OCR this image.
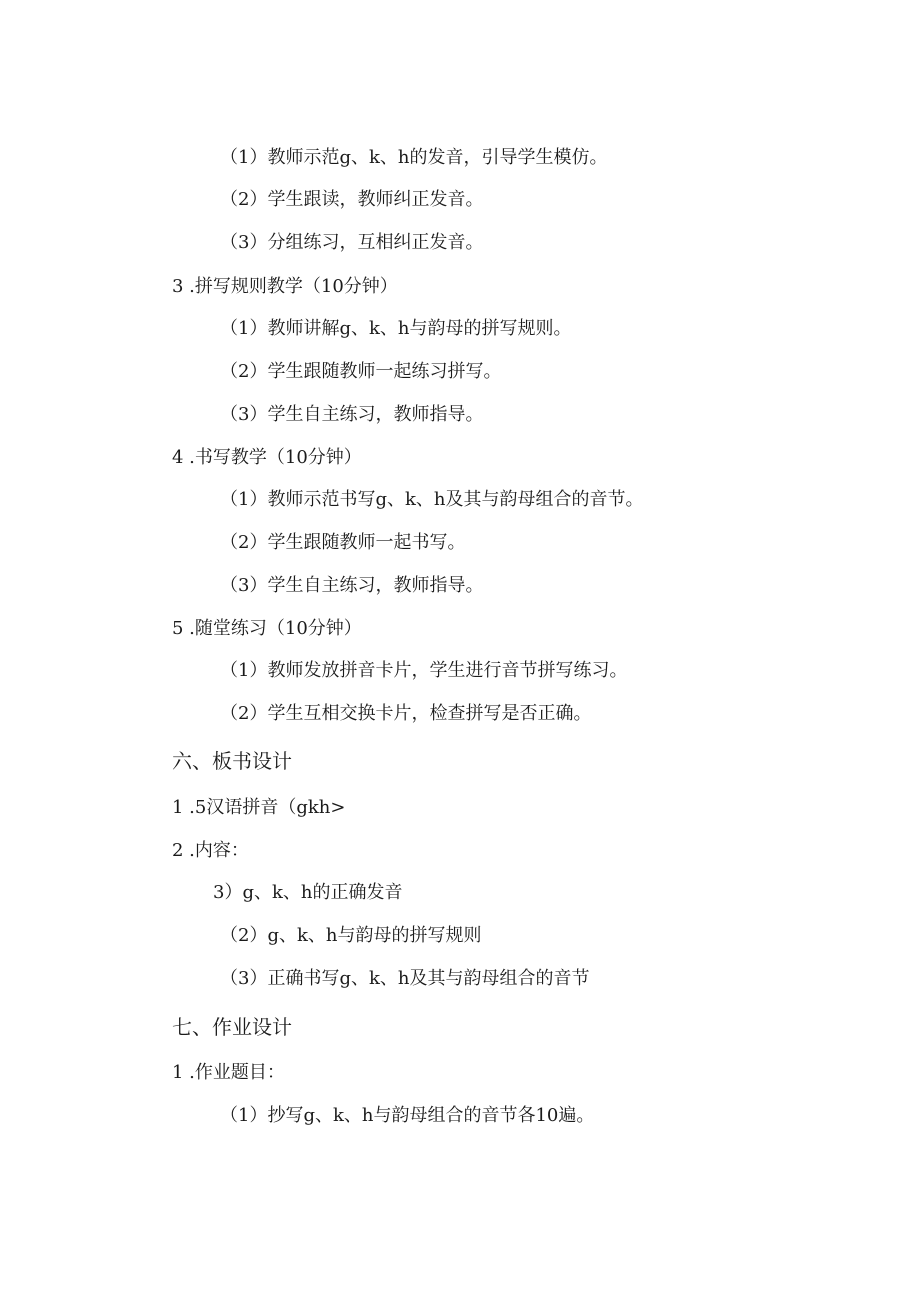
（1）教师示范g、k、h的发音，引导学生模仿。
（2）学生跟读，教师纠正发音。
（3）分组练习，互相纠正发音。
3 .拼写规则教学（10分钟）
（1）教师讲解g、k、h与韵母的拼写规则。
（2）学生跟随教师一起练习拼写。
（3）学生自主练习，教师指导。
4 .书写教学（10分钟）
（1）教师示范书写g、k、h及其与韵母组合的音节。
（2）学生跟随教师一起书写。
（3）学生自主练习，教师指导。
5 .随堂练习（10分钟）
（1）教师发放拼音卡片，学生进行音节拼写练习。
（2）学生互相交换卡片，检查拼写是否正确。
六、板书设计
1 .5汉语拼音（gkh>
2 .内容：
3）g、k、h的正确发音
（2）g、k、h与韵母的拼写规则
（3）正确书写g、k、h及其与韵母组合的音节
七、作业设计
1 .作业题目：
（1）抄写g、k、h与韵母组合的音节各10遍。
